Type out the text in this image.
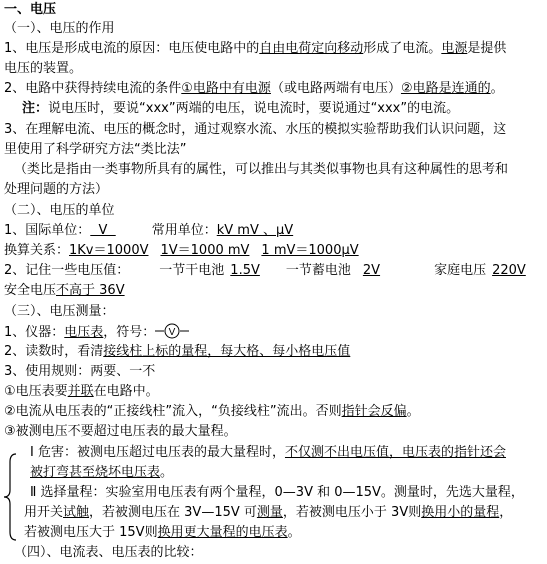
一、电压
（一）、电压的作用
1、电压是形成电流的原因：电压使电路中的自由电荷定向移动形成了电流。电源是提供
电压的装置。
2、电路中获得持续电流的条件①电路中有电源（或电路两端有电压）②电路是连通的。
注：说电压时，要说“xxx”两端的电压，说电流时，要说通过“xxx”的电流。
3、在理解电流、电压的概念时，通过观察水流、水压的模拟实验帮助我们认识问题，这
里使用了科学研究方法“类比法”
（类比是指由一类事物所具有的属性，可以推出与其类似事物也具有这种属性的思考和
处理问题的方法）
（二）、电压的单位
1、国际单位：  V	常用单位：kV mV 、μV
换算关系：1Kv＝1000V 1V＝1000 mV 1 mV＝1000μV
2、记住一些电压值： 一节干电池 1.5V 一节蓄电池 2V	家庭电压 220V
安全电压不高于 36V
（三）、电压测量：
1、仪器：电压表，符号： V
2、读数时，看清接线柱上标的量程，每大格、每小格电压值
3、使用规则：两要、一不
①电压表要并联在电路中。
②电流从电压表的“正接线柱”流入，“负接线柱”流出。否则指针会反偏。
③被测电压不要超过电压表的最大量程。
Ⅰ 危害：被测电压超过电压表的最大量程时，不仅测不出电压值，电压表的指针还会
被打弯甚至烧坏电压表。
Ⅱ 选择量程：实验室用电压表有两个量程，0—3V 和 0—15V。测量时，先选大量程，
用开关试触，若被测电压在 3V—15V 可测量，若被测电压小于 3V则换用小的量程，
若被测电压大于 15V则换用更大量程的电压表。
（四）、电流表、电压表的比较：
